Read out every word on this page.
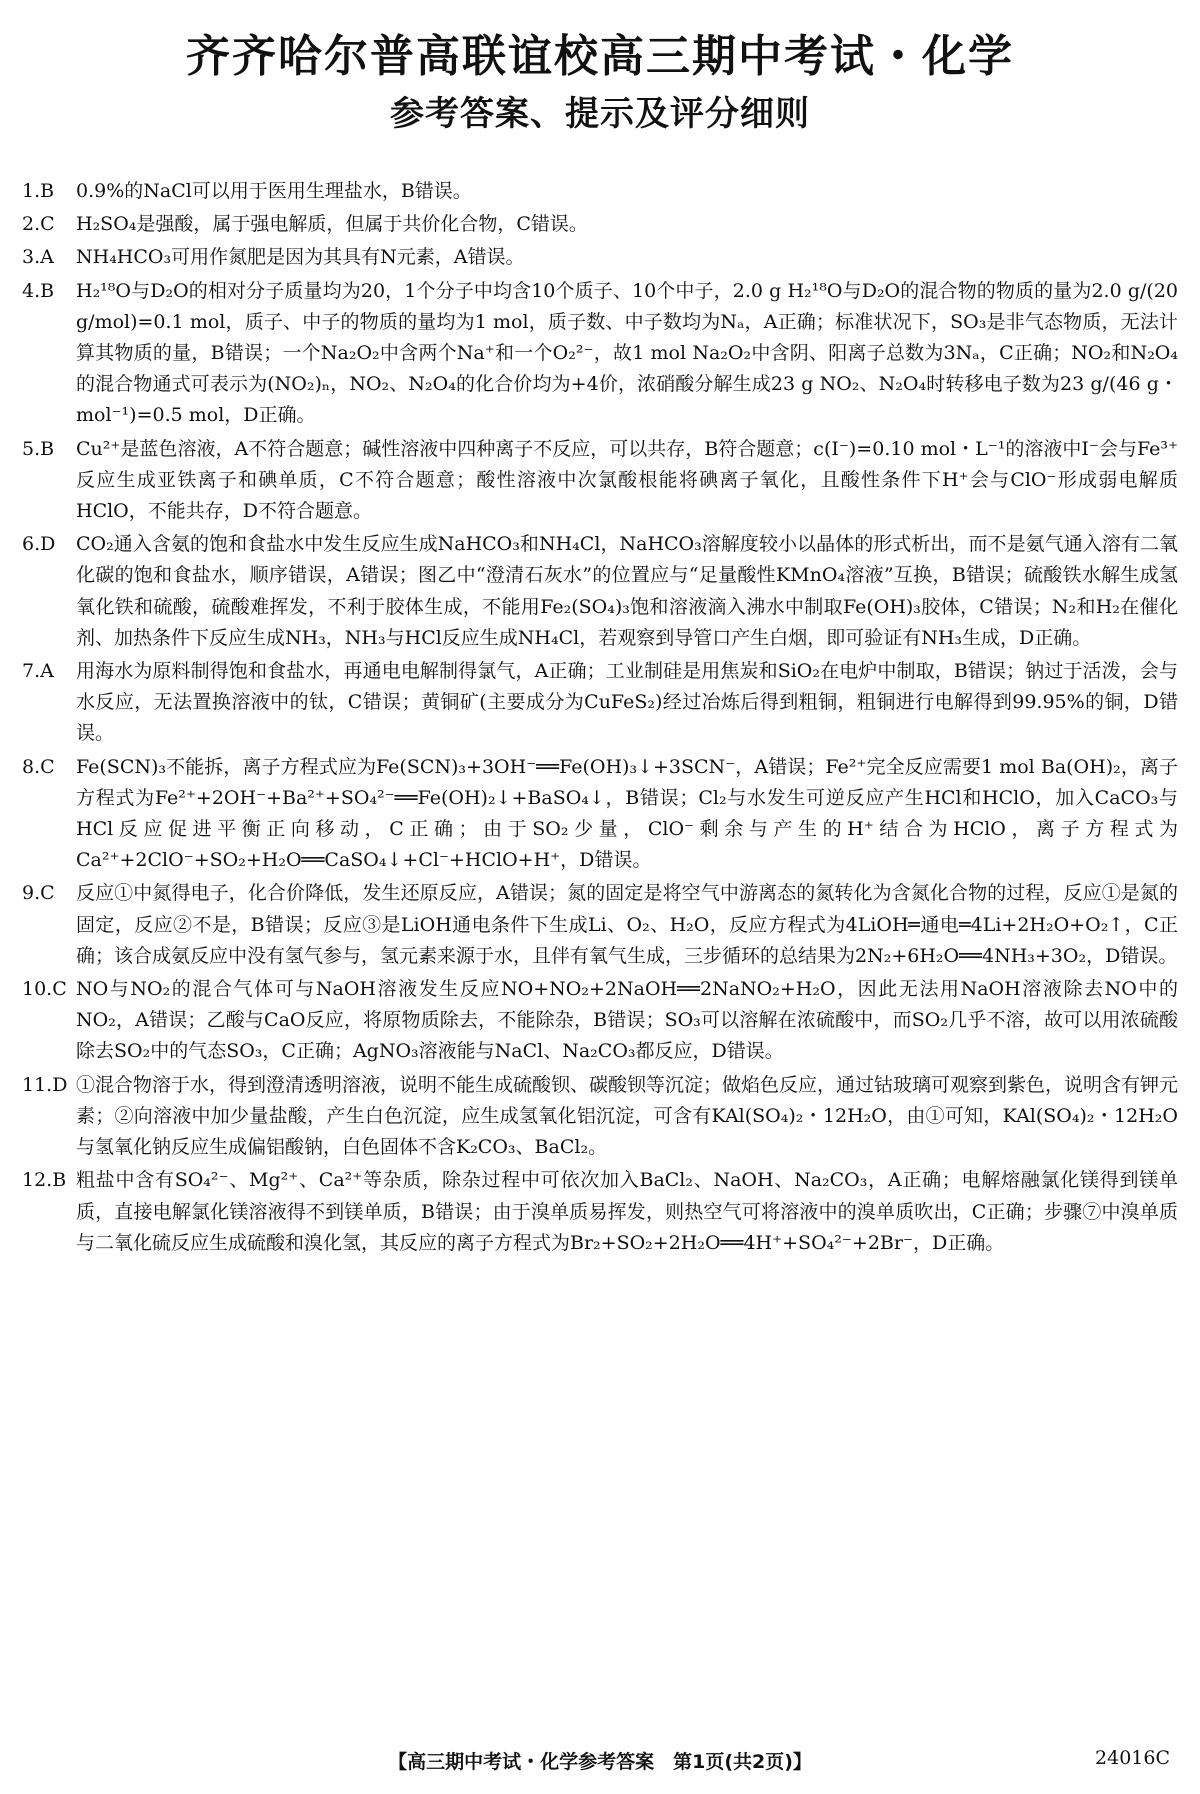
齐齐哈尔普高联谊校高三期中考试・化学
参考答案、提示及评分细则
1.B	0.9%的NaCl可以用于医用生理盐水，B错误。
2.C	H₂SO₄是强酸，属于强电解质，但属于共价化合物，C错误。
3.A	NH₄HCO₃可用作氮肥是因为其具有N元素，A错误。
4.B	H₂¹⁸O与D₂O的相对分子质量均为20，1个分子中均含10个质子、10个中子，2.0 g H₂¹⁸O与D₂O的混合物的物质的量为2.0 g/(20 g/mol)=0.1 mol，质子、中子的物质的量均为1 mol，质子数、中子数均为Nₐ，A正确；标准状况下，SO₃是非气态物质，无法计算其物质的量，B错误；一个Na₂O₂中含两个Na⁺和一个O₂²⁻，故1 mol Na₂O₂中含阴、阳离子总数为3Nₐ，C正确；NO₂和N₂O₄的混合物通式可表示为(NO₂)ₙ，NO₂、N₂O₄的化合价均为+4价，浓硝酸分解生成23 g NO₂、N₂O₄时转移电子数为23 g/(46 g・mol⁻¹)=0.5 mol，D正确。
5.B	Cu²⁺是蓝色溶液，A不符合题意；碱性溶液中四种离子不反应，可以共存，B符合题意；c(I⁻)=0.10 mol・L⁻¹的溶液中I⁻会与Fe³⁺反应生成亚铁离子和碘单质，C不符合题意；酸性溶液中次氯酸根能将碘离子氧化，且酸性条件下H⁺会与ClO⁻形成弱电解质HClO，不能共存，D不符合题意。
6.D	CO₂通入含氨的饱和食盐水中发生反应生成NaHCO₃和NH₄Cl，NaHCO₃溶解度较小以晶体的形式析出，而不是氨气通入溶有二氧化碳的饱和食盐水，顺序错误，A错误；图乙中“澄清石灰水”的位置应与“足量酸性KMnO₄溶液”互换，B错误；硫酸铁水解生成氢氧化铁和硫酸，硫酸难挥发，不利于胶体生成，不能用Fe₂(SO₄)₃饱和溶液滴入沸水中制取Fe(OH)₃胶体，C错误；N₂和H₂在催化剂、加热条件下反应生成NH₃，NH₃与HCl反应生成NH₄Cl，若观察到导管口产生白烟，即可验证有NH₃生成，D正确。
7.A	用海水为原料制得饱和食盐水，再通电电解制得氯气，A正确；工业制硅是用焦炭和SiO₂在电炉中制取，B错误；钠过于活泼，会与水反应，无法置换溶液中的钛，C错误；黄铜矿(主要成分为CuFeS₂)经过冶炼后得到粗铜，粗铜进行电解得到99.95%的铜，D错误。
8.C	Fe(SCN)₃不能拆，离子方程式应为Fe(SCN)₃+3OH⁻══Fe(OH)₃↓+3SCN⁻，A错误；Fe²⁺完全反应需要1 mol Ba(OH)₂，离子方程式为Fe²⁺+2OH⁻+Ba²⁺+SO₄²⁻══Fe(OH)₂↓+BaSO₄↓，B错误；Cl₂与水发生可逆反应产生HCl和HClO，加入CaCO₃与HCl反应促进平衡正向移动，C正确；由于SO₂少量，ClO⁻剩余与产生的H⁺结合为HClO，离子方程式为Ca²⁺+2ClO⁻+SO₂+H₂O══CaSO₄↓+Cl⁻+HClO+H⁺，D错误。
9.C	反应①中氮得电子，化合价降低，发生还原反应，A错误；氮的固定是将空气中游离态的氮转化为含氮化合物的过程，反应①是氮的固定，反应②不是，B错误；反应③是LiOH通电条件下生成Li、O₂、H₂O，反应方程式为4LiOH═通电═4Li+2H₂O+O₂↑，C正确；该合成氨反应中没有氢气参与，氢元素来源于水，且伴有氧气生成，三步循环的总结果为2N₂+6H₂O══4NH₃+3O₂，D错误。
10.C NO与NO₂的混合气体可与NaOH溶液发生反应NO+NO₂+2NaOH══2NaNO₂+H₂O，因此无法用NaOH溶液除去NO中的NO₂，A错误；乙酸与CaO反应，将原物质除去，不能除杂，B错误；SO₃可以溶解在浓硫酸中，而SO₂几乎不溶，故可以用浓硫酸除去SO₂中的气态SO₃，C正确；AgNO₃溶液能与NaCl、Na₂CO₃都反应，D错误。
11.D ①混合物溶于水，得到澄清透明溶液，说明不能生成硫酸钡、碳酸钡等沉淀；做焰色反应，通过钴玻璃可观察到紫色，说明含有钾元素；②向溶液中加少量盐酸，产生白色沉淀，应生成氢氧化铝沉淀，可含有KAl(SO₄)₂・12H₂O，由①可知，KAl(SO₄)₂・12H₂O与氢氧化钠反应生成偏铝酸钠，白色固体不含K₂CO₃、BaCl₂。
12.B 粗盐中含有SO₄²⁻、Mg²⁺、Ca²⁺等杂质，除杂过程中可依次加入BaCl₂、NaOH、Na₂CO₃，A正确；电解熔融氯化镁得到镁单质，直接电解氯化镁溶液得不到镁单质，B错误；由于溴单质易挥发，则热空气可将溶液中的溴单质吹出，C正确；步骤⑦中溴单质与二氧化硫反应生成硫酸和溴化氢，其反应的离子方程式为Br₂+SO₂+2H₂O══4H⁺+SO₄²⁻+2Br⁻，D正确。
【高三期中考试・化学参考答案　第1页(共2页)】	24016C
